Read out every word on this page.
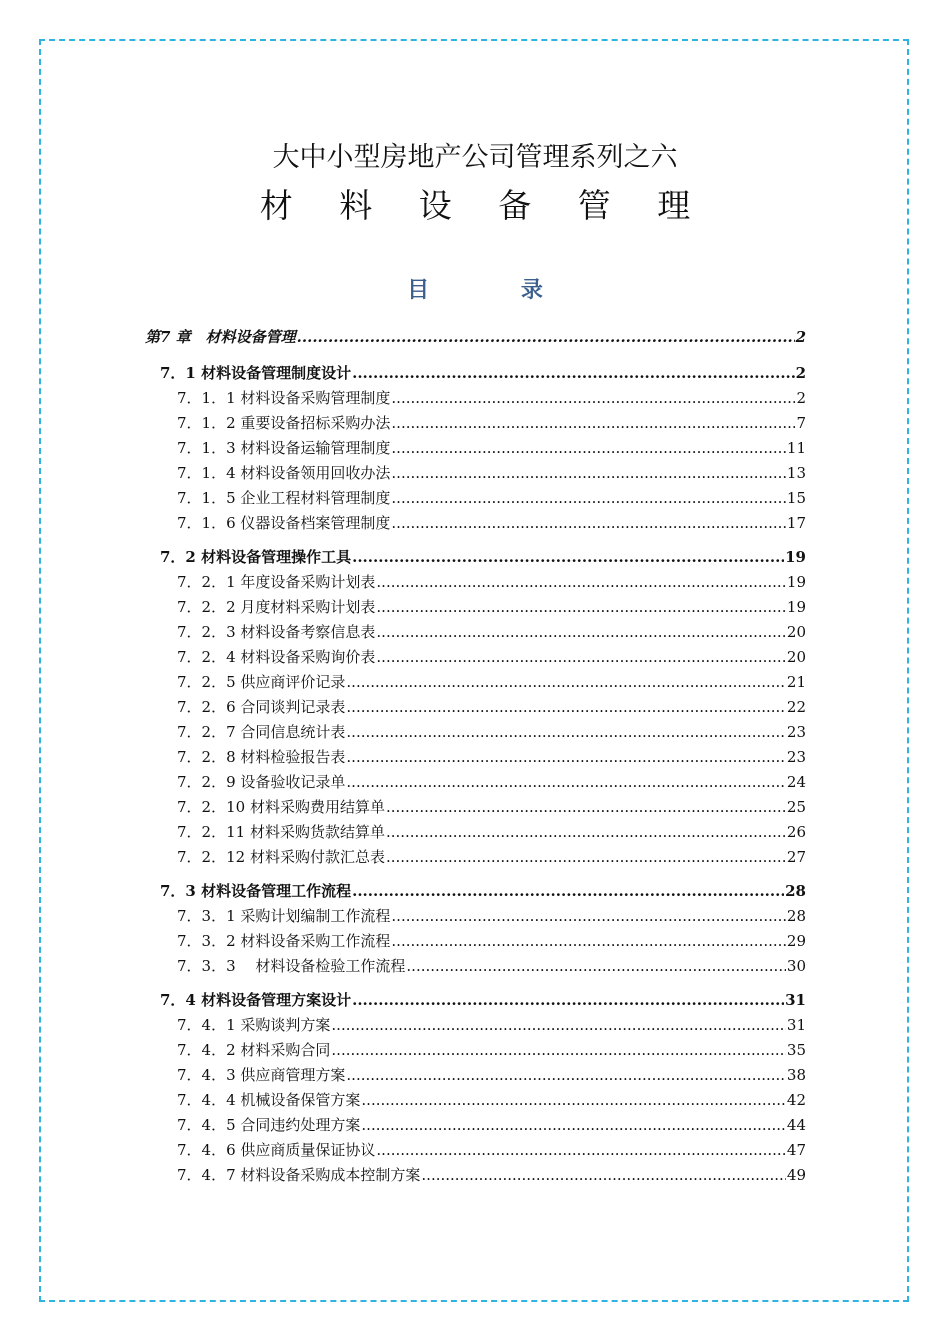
大中小型房地产公司管理系列之六
材 料 设 备 管 理
目 录
第7 章　材料设备管理 .....	2
7．1 材料设备管理制度设计 .....	2
7．1．1 材料设备采购管理制度 .....	2
7．1．2 重要设备招标采购办法 .....	7
7．1．3 材料设备运输管理制度 .....	11
7．1．4 材料设备领用回收办法 .....	13
7．1．5 企业工程材料管理制度 .....	15
7．1．6 仪器设备档案管理制度 .....	17
7．2 材料设备管理操作工具 .....	19
7．2．1 年度设备采购计划表 .....	19
7．2．2 月度材料采购计划表 .....	19
7．2．3 材料设备考察信息表 .....	20
7．2．4 材料设备采购询价表 .....	20
7．2．5 供应商评价记录 .....	21
7．2．6 合同谈判记录表 .....	22
7．2．7 合同信息统计表 .....	23
7．2．8 材料检验报告表 .....	23
7．2．9 设备验收记录单 .....	24
7．2．10 材料采购费用结算单 .....	25
7．2．11 材料采购货款结算单 .....	26
7．2．12 材料采购付款汇总表 .....	27
7．3 材料设备管理工作流程 .....	28
7．3．1 采购计划编制工作流程 .....	28
7．3．2 材料设备采购工作流程 .....	29
7．3．3　 材料设备检验工作流程 .....	30
7．4 材料设备管理方案设计 .....	31
7．4．1 采购谈判方案 .....	31
7．4．2 材料采购合同 .....	35
7．4．3 供应商管理方案 .....	38
7．4．4 机械设备保管方案 .....	42
7．4．5 合同违约处理方案 .....	44
7．4．6 供应商质量保证协议 .....	47
7．4．7 材料设备采购成本控制方案 .....	49
